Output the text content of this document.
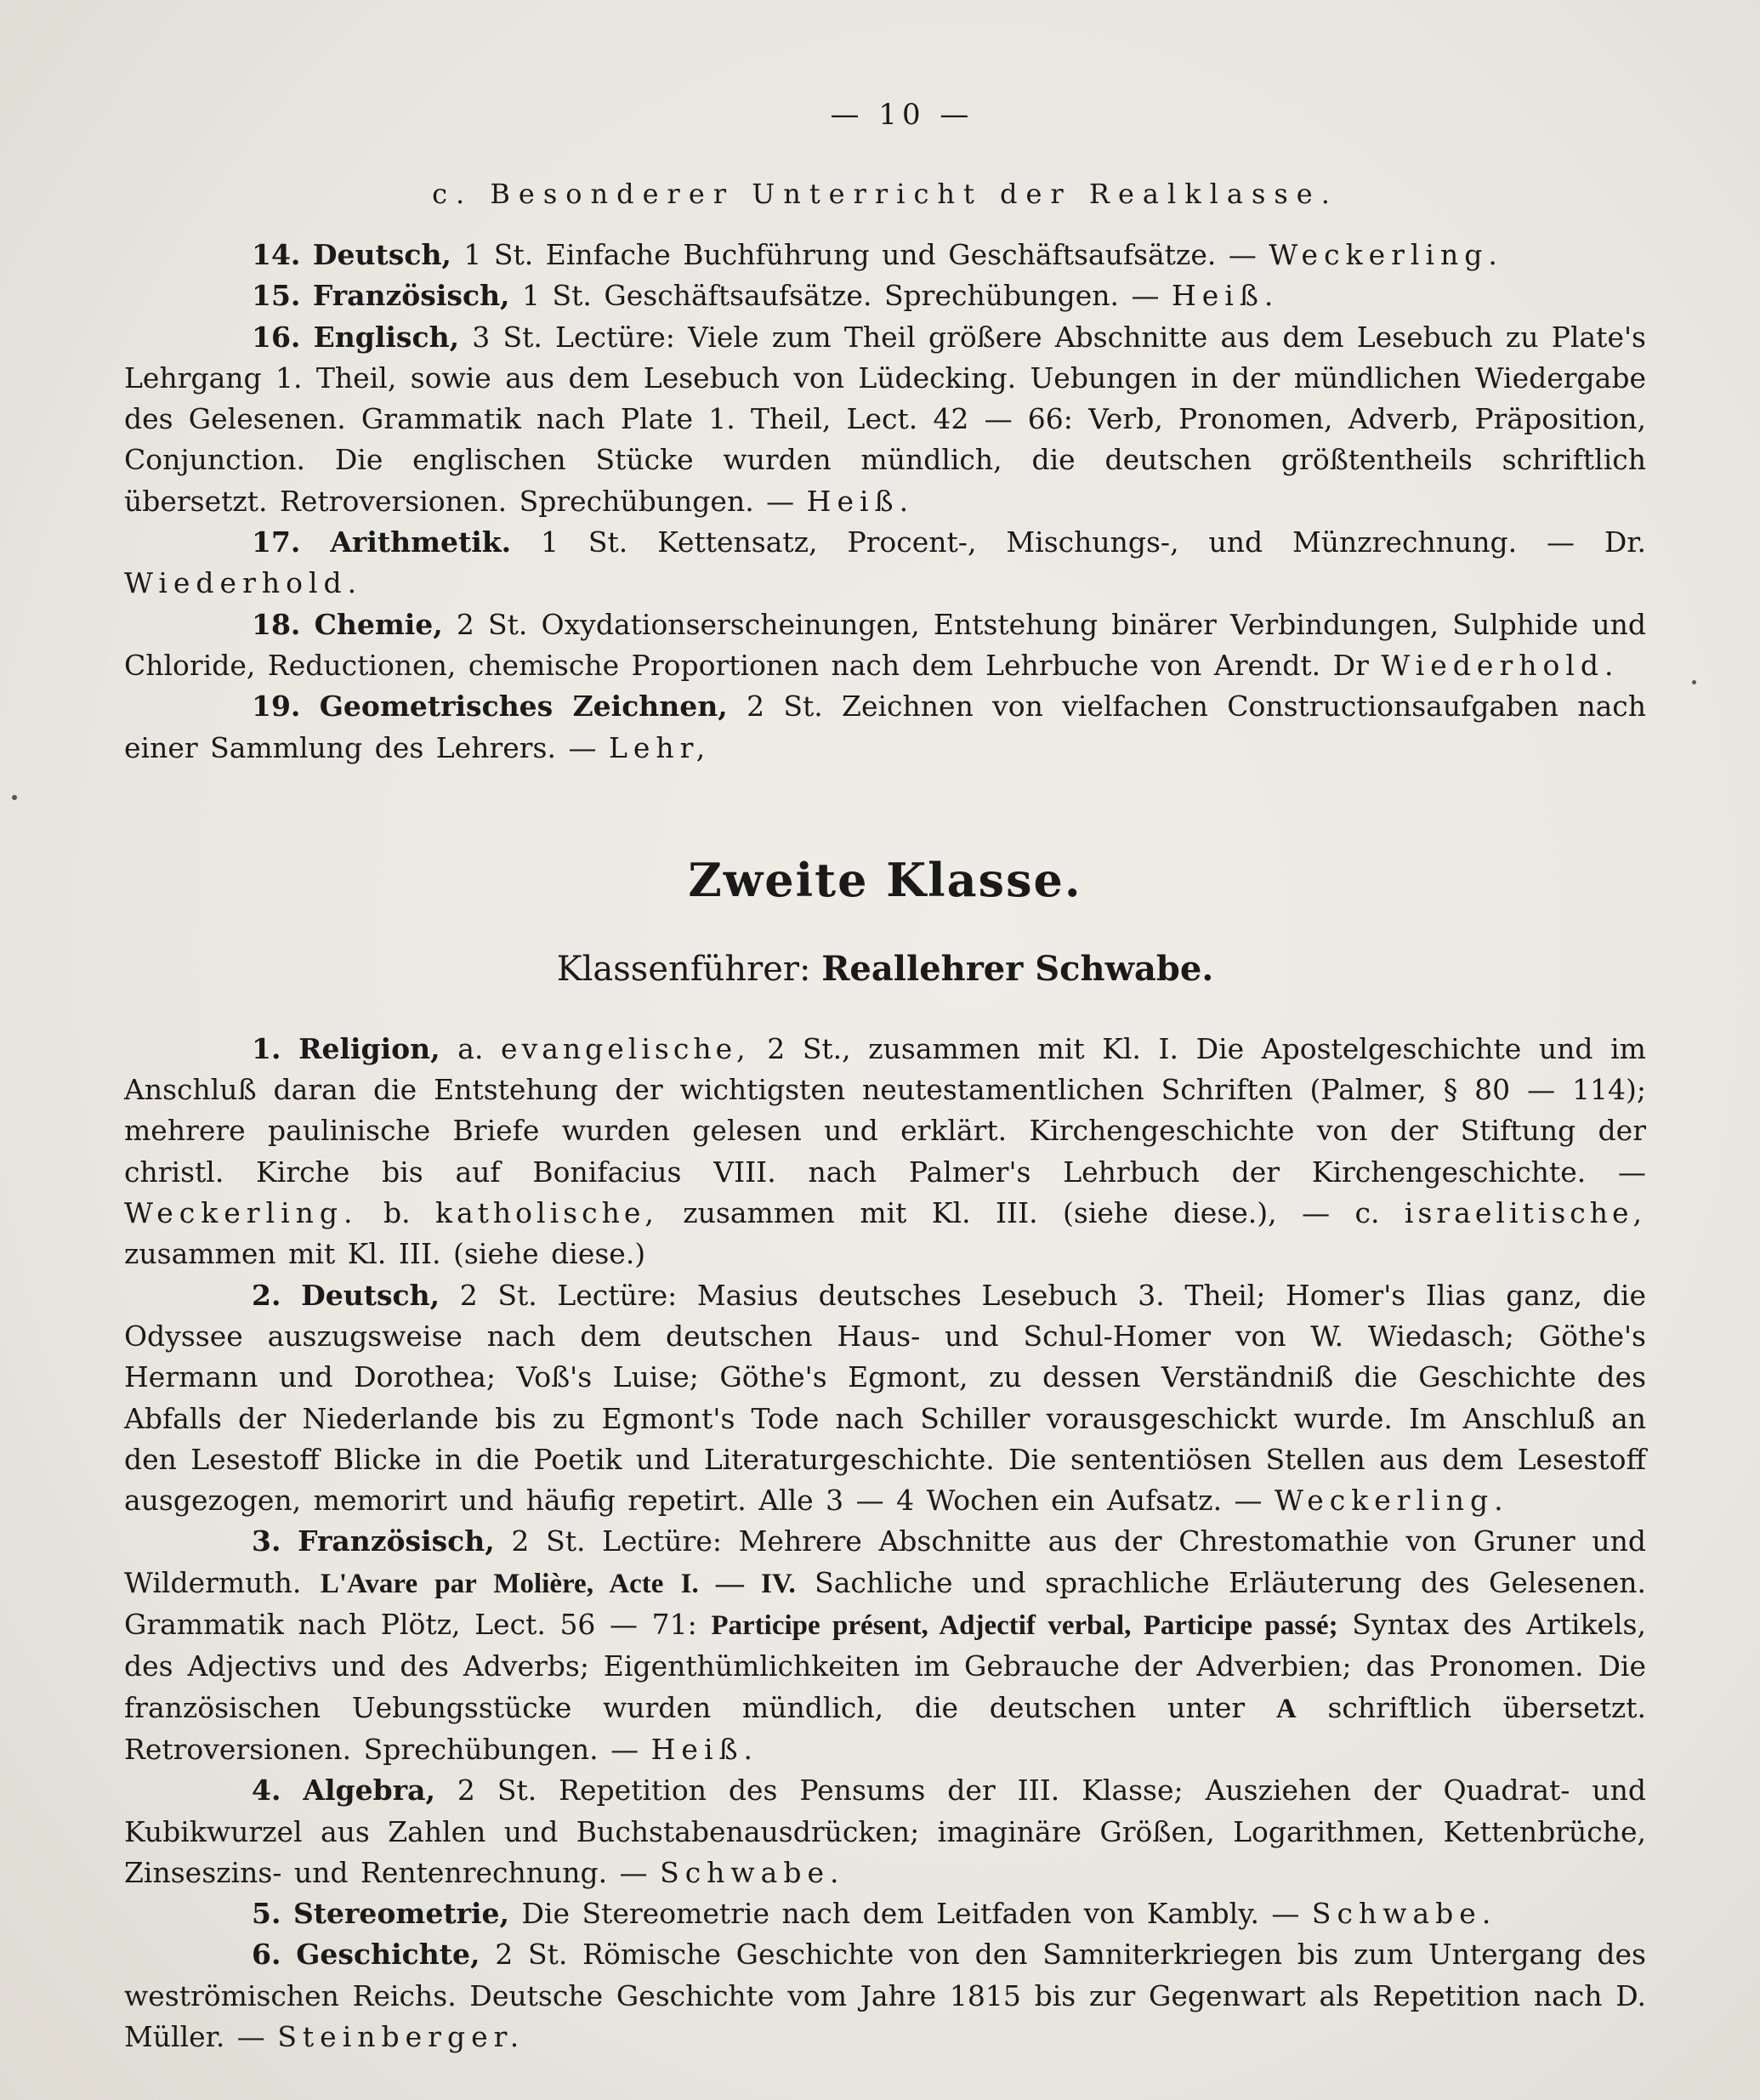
— 10 —
c. Besonderer Unterricht der Realklasse.

14. Deutsch, 1 St. Einfache Buchführung und Geschäftsaufsätze. — Weckerling.

15. Französisch, 1 St. Geschäftsaufsätze. Sprechübungen. — Heiß.

16. Englisch, 3 St. Lectüre: Viele zum Theil größere Abschnitte aus dem Lesebuch zu Plate's Lehrgang 1. Theil, sowie aus dem Lesebuch von Lüdecking. Uebungen in der mündlichen Wiedergabe des Gelesenen. Grammatik nach Plate 1. Theil, Lect. 42 — 66: Verb, Pronomen, Adverb, Präposition, Conjunction. Die englischen Stücke wurden mündlich, die deutschen größtentheils schriftlich übersetzt. Retroversionen. Sprechübungen. — Heiß.

17. Arithmetik. 1 St. Kettensatz, Procent-, Mischungs-, und Münzrechnung. — Dr. Wiederhold.

18. Chemie, 2 St. Oxydationserscheinungen, Entstehung binärer Verbindungen, Sulphide und Chloride, Reductionen, chemische Proportionen nach dem Lehrbuche von Arendt. Dr Wiederhold.

19. Geometrisches Zeichnen, 2 St. Zeichnen von vielfachen Constructionsaufgaben nach einer Sammlung des Lehrers. — Lehr,

Zweite Klasse.
Klassenführer: Reallehrer Schwabe.

1. Religion, a. evangelische, 2 St., zusammen mit Kl. I. Die Apostelgeschichte und im Anschluß daran die Entstehung der wichtigsten neutestamentlichen Schriften (Palmer, § 80 — 114); mehrere paulinische Briefe wurden gelesen und erklärt. Kirchengeschichte von der Stiftung der christl. Kirche bis auf Bonifacius VIII. nach Palmer's Lehrbuch der Kirchengeschichte. — Weckerling. b. katholische, zusammen mit Kl. III. (siehe diese.), — c. israelitische, zusammen mit Kl. III. (siehe diese.)

2. Deutsch, 2 St. Lectüre: Masius deutsches Lesebuch 3. Theil; Homer's Ilias ganz, die Odyssee auszugsweise nach dem deutschen Haus- und Schul-Homer von W. Wiedasch; Göthe's Hermann und Dorothea; Voß's Luise; Göthe's Egmont, zu dessen Verständniß die Geschichte des Abfalls der Niederlande bis zu Egmont's Tode nach Schiller vorausgeschickt wurde. Im Anschluß an den Lesestoff Blicke in die Poetik und Literaturgeschichte. Die sententiösen Stellen aus dem Lesestoff ausgezogen, memorirt und häufig repetirt. Alle 3 — 4 Wochen ein Aufsatz. — Weckerling.

3. Französisch, 2 St. Lectüre: Mehrere Abschnitte aus der Chrestomathie von Gruner und Wildermuth. L'Avare par Molière, Acte I. — IV. Sachliche und sprachliche Erläuterung des Gelesenen. Grammatik nach Plötz, Lect. 56 — 71: Participe présent, Adjectif verbal, Participe passé; Syntax des Artikels, des Adjectivs und des Adverbs; Eigenthümlichkeiten im Gebrauche der Adverbien; das Pronomen. Die französischen Uebungsstücke wurden mündlich, die deutschen unter A schriftlich übersetzt. Retroversionen. Sprechübungen. — Heiß.

4. Algebra, 2 St. Repetition des Pensums der III. Klasse; Ausziehen der Quadrat- und Kubikwurzel aus Zahlen und Buchstabenausdrücken; imaginäre Größen, Logarithmen, Kettenbrüche, Zinseszins- und Rentenrechnung. — Schwabe.

5. Stereometrie, Die Stereometrie nach dem Leitfaden von Kambly. — Schwabe.

6. Geschichte, 2 St. Römische Geschichte von den Samniterkriegen bis zum Untergang des weströmischen Reichs. Deutsche Geschichte vom Jahre 1815 bis zur Gegenwart als Repetition nach D. Müller. — Steinberger.
